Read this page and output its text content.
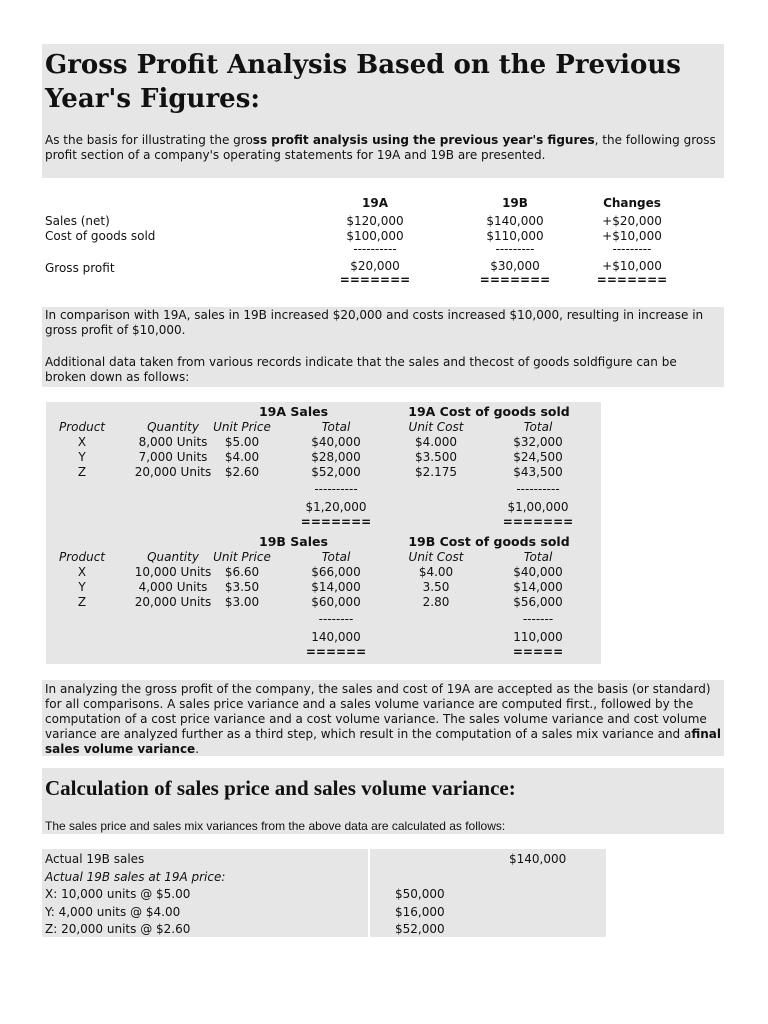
Gross Profit Analysis Based on the Previous Year's Figures:

As the basis for illustrating the gross profit analysis using the previous year's figures, the following gross profit section of a company's operating statements for 19A and 19B are presented.

19A	19B	Changes
Sales (net)	$120,000	$140,000	+$20,000
Cost of goods sold	$100,000	$110,000	+$10,000
----------	---------	---------
Gross profit	$20,000	$30,000	+$10,000
=======	=======	=======

In comparison with 19A, sales in 19B increased $20,000 and costs increased $10,000, resulting in increase in gross profit of $10,000.

Additional data taken from various records indicate that the sales and thecost of goods soldfigure can be broken down as follows:

19A Sales	19A Cost of goods sold
Product	Quantity	Unit Price	Total	Unit Cost	Total
X	8,000 Units	$5.00	$40,000	$4.000	$32,000
Y	7,000 Units	$4.00	$28,000	$3.500	$24,500
Z	20,000 Units	$2.60	$52,000	$2.175	$43,500
----------	----------
$1,20,000	$1,00,000
=======	=======
19B Sales	19B Cost of goods sold
Product	Quantity	Unit Price	Total	Unit Cost	Total
X	10,000 Units	$6.60	$66,000	$4.00	$40,000
Y	4,000 Units	$3.50	$14,000	3.50	$14,000
Z	20,000 Units	$3.00	$60,000	2.80	$56,000
--------	-------
140,000	110,000
======	=====

In analyzing the gross profit of the company, the sales and cost of 19A are accepted as the basis (or standard) for all comparisons. A sales price variance and a sales volume variance are computed first., followed by the computation of a cost price variance and a cost volume variance. The sales volume variance and cost volume variance are analyzed further as a third step, which result in the computation of a sales mix variance and afinal sales volume variance.

Calculation of sales price and sales volume variance:

The sales price and sales mix variances from the above data are calculated as follows:

Actual 19B sales	$140,000
Actual 19B sales at 19A price:
X: 10,000 units @ $5.00	$50,000
Y: 4,000 units @ $4.00	$16,000
Z: 20,000 units @ $2.60	$52,000
